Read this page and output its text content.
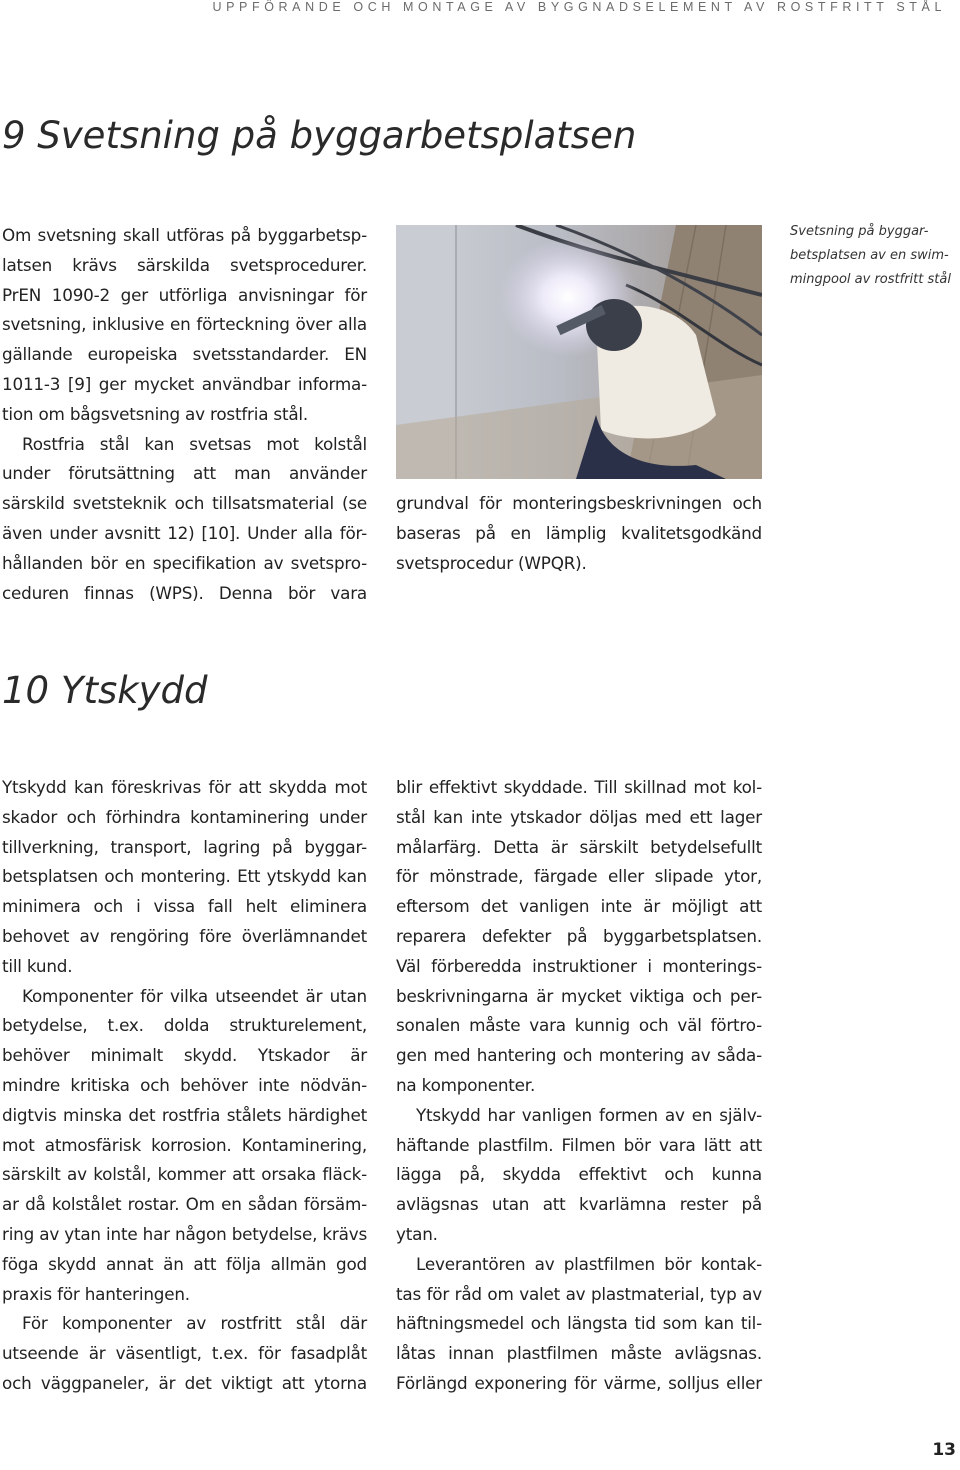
UPPFÖRANDE OCH MONTAGE AV BYGGNADSELEMENT AV ROSTFRITT STÅL
9 Svetsning på byggarbetsplatsen

Om svetsning skall utföras på byggarbetsp-
latsen krävs särskilda svetsprocedurer.
PrEN 1090-2 ger utförliga anvisningar för
svetsning, inklusive en förteckning över alla
gällande europeiska svetsstandarder. EN
1011-3 [9] ger mycket användbar informa-
tion om bågsvetsning av rostfria stål.

Rostfria stål kan svetsas mot kolstål
under förutsättning att man använder
särskild svetsteknik och tillsatsmaterial (se
även under avsnitt 12) [10]. Under alla för-
hållanden bör en specifikation av svetspro-
ceduren finnas (WPS). Denna bör vara

grundval för monteringsbeskrivningen och
baseras på en lämplig kvalitetsgodkänd
svetsprocedur (WPQR).

Svetsning på byggar-
betsplatsen av en swim-
mingpool av rostfritt stål
10 Ytskydd

Ytskydd kan föreskrivas för att skydda mot
skador och förhindra kontaminering under
tillverkning, transport, lagring på byggar-
betsplatsen och montering. Ett ytskydd kan
minimera och i vissa fall helt eliminera
behovet av rengöring före överlämnandet
till kund.

Komponenter för vilka utseendet är utan
betydelse, t.ex. dolda strukturelement,
behöver minimalt skydd. Ytskador är
mindre kritiska och behöver inte nödvän-
digtvis minska det rostfria stålets härdighet
mot atmosfärisk korrosion. Kontaminering,
särskilt av kolstål, kommer att orsaka fläck-
ar då kolstålet rostar. Om en sådan försäm-
ring av ytan inte har någon betydelse, krävs
föga skydd annat än att följa allmän god
praxis för hanteringen.

För komponenter av rostfritt stål där
utseende är väsentligt, t.ex. för fasadplåt
och väggpaneler, är det viktigt att ytorna

blir effektivt skyddade. Till skillnad mot kol-
stål kan inte ytskador döljas med ett lager
målarfärg. Detta är särskilt betydelsefullt
för mönstrade, färgade eller slipade ytor,
eftersom det vanligen inte är möjligt att
reparera defekter på byggarbetsplatsen.
Väl förberedda instruktioner i monterings-
beskrivningarna är mycket viktiga och per-
sonalen måste vara kunnig och väl förtro-
gen med hantering och montering av såda-
na komponenter.

Ytskydd har vanligen formen av en själv-
häftande plastfilm. Filmen bör vara lätt att
lägga på, skydda effektivt och kunna
avlägsnas utan att kvarlämna rester på
ytan.

Leverantören av plastfilmen bör kontak-
tas för råd om valet av plastmaterial, typ av
häftningsmedel och längsta tid som kan til-
låtas innan plastfilmen måste avlägsnas.
Förlängd exponering för värme, solljus eller

13
